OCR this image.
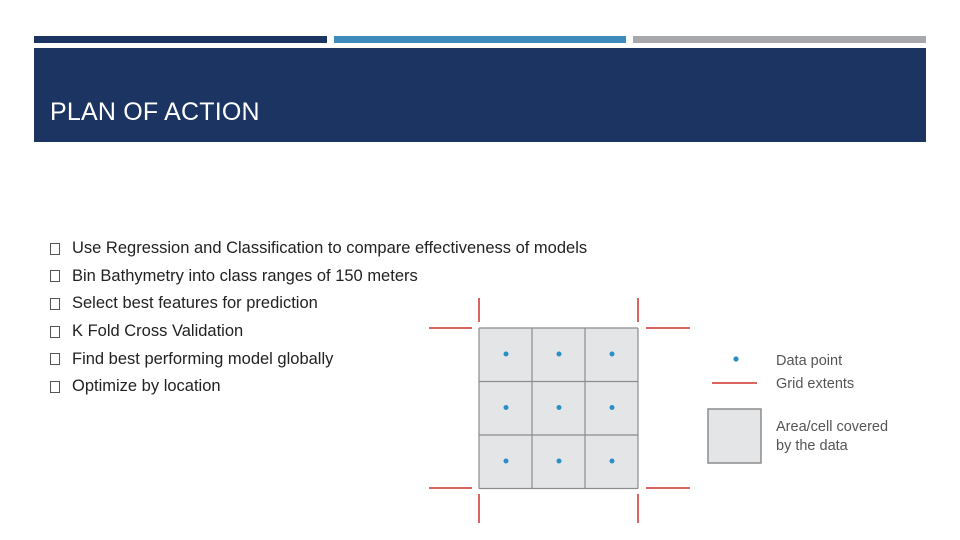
PLAN OF ACTION
Use Regression and Classification to compare effectiveness of models
Bin Bathymetry into class ranges of 150 meters
Select best features for prediction
K Fold Cross Validation
Find best performing model globally
Optimize by location
Data point
Grid extents
Area/cell covered
by the data
